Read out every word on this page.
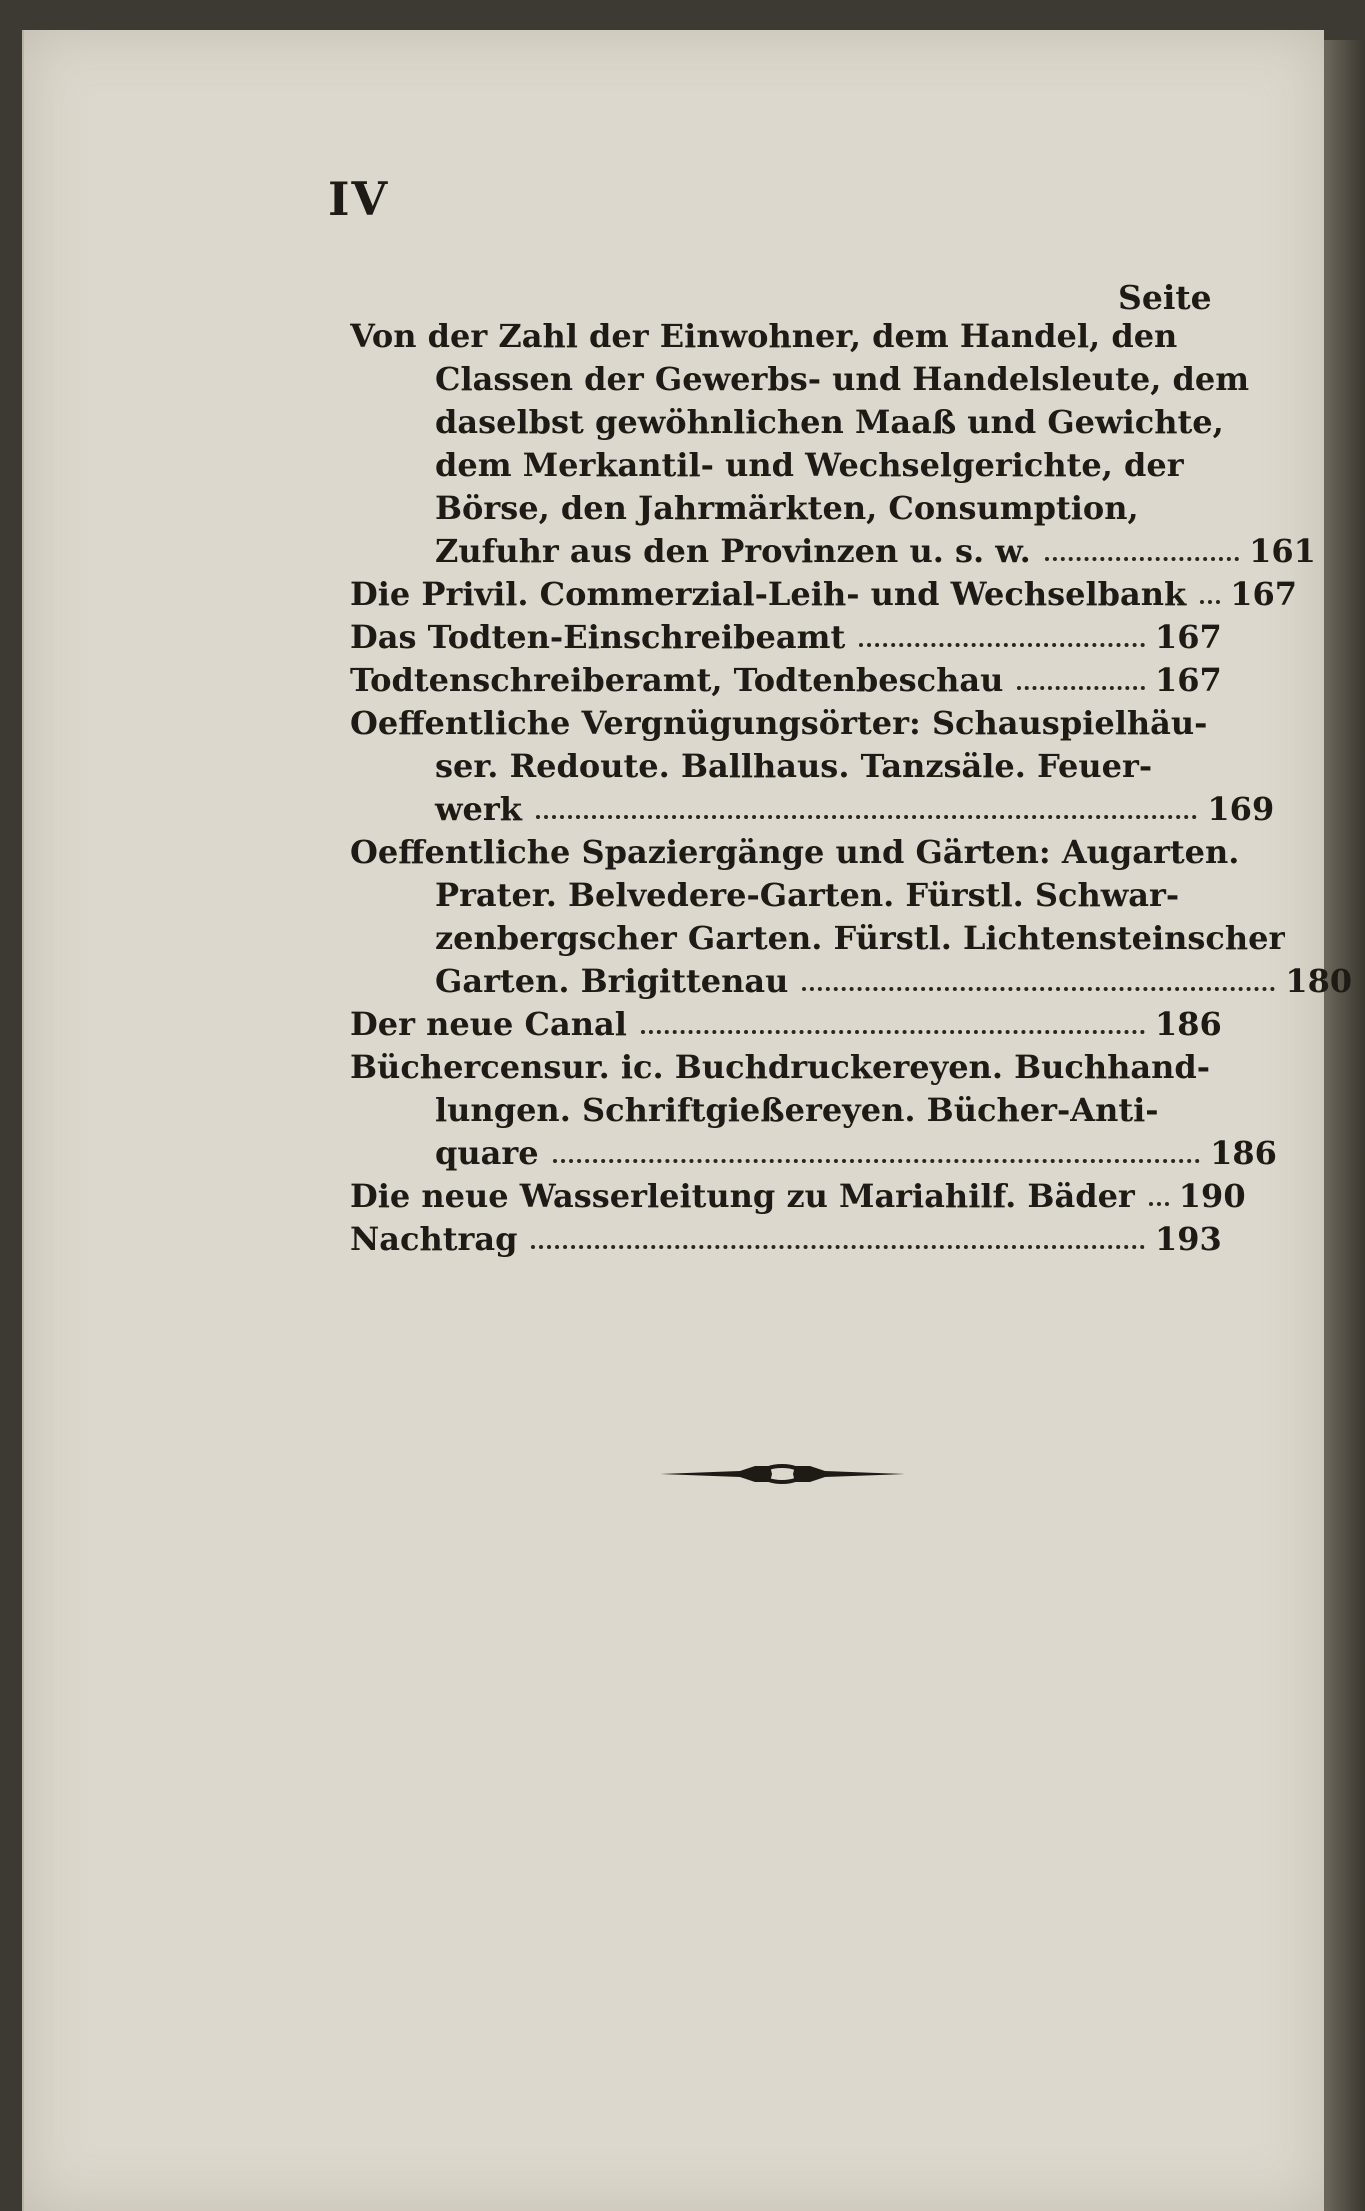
IV
Seite
Von der Zahl der Einwohner, dem Handel, den
Classen der Gewerbs- und Handelsleute, dem
daselbst gewöhnlichen Maaß und Gewichte,
dem Merkantil- und Wechselgerichte, der
Börse, den Jahrmärkten, Consumption,
Zufuhr aus den Provinzen u. s. w.	161
Die Privil. Commerzial-Leih- und Wechselbank 167
Das Todten-Einschreibeamt	167
Todtenschreiberamt, Todtenbeschau	167
Oeffentliche Vergnügungsörter: Schauspielhäu-
ser. Redoute. Ballhaus. Tanzsäle. Feuer-
werk	169
Oeffentliche Spaziergänge und Gärten: Augarten.
Prater. Belvedere-Garten. Fürstl. Schwar-
zenbergscher Garten. Fürstl. Lichtensteinscher
Garten. Brigittenau	180
Der neue Canal	186
Büchercensur. ic. Buchdruckereyen. Buchhand-
lungen. Schriftgießereyen. Bücher-Anti-
quare	186
Die neue Wasserleitung zu Mariahilf. Bäder 190
Nachtrag	193
